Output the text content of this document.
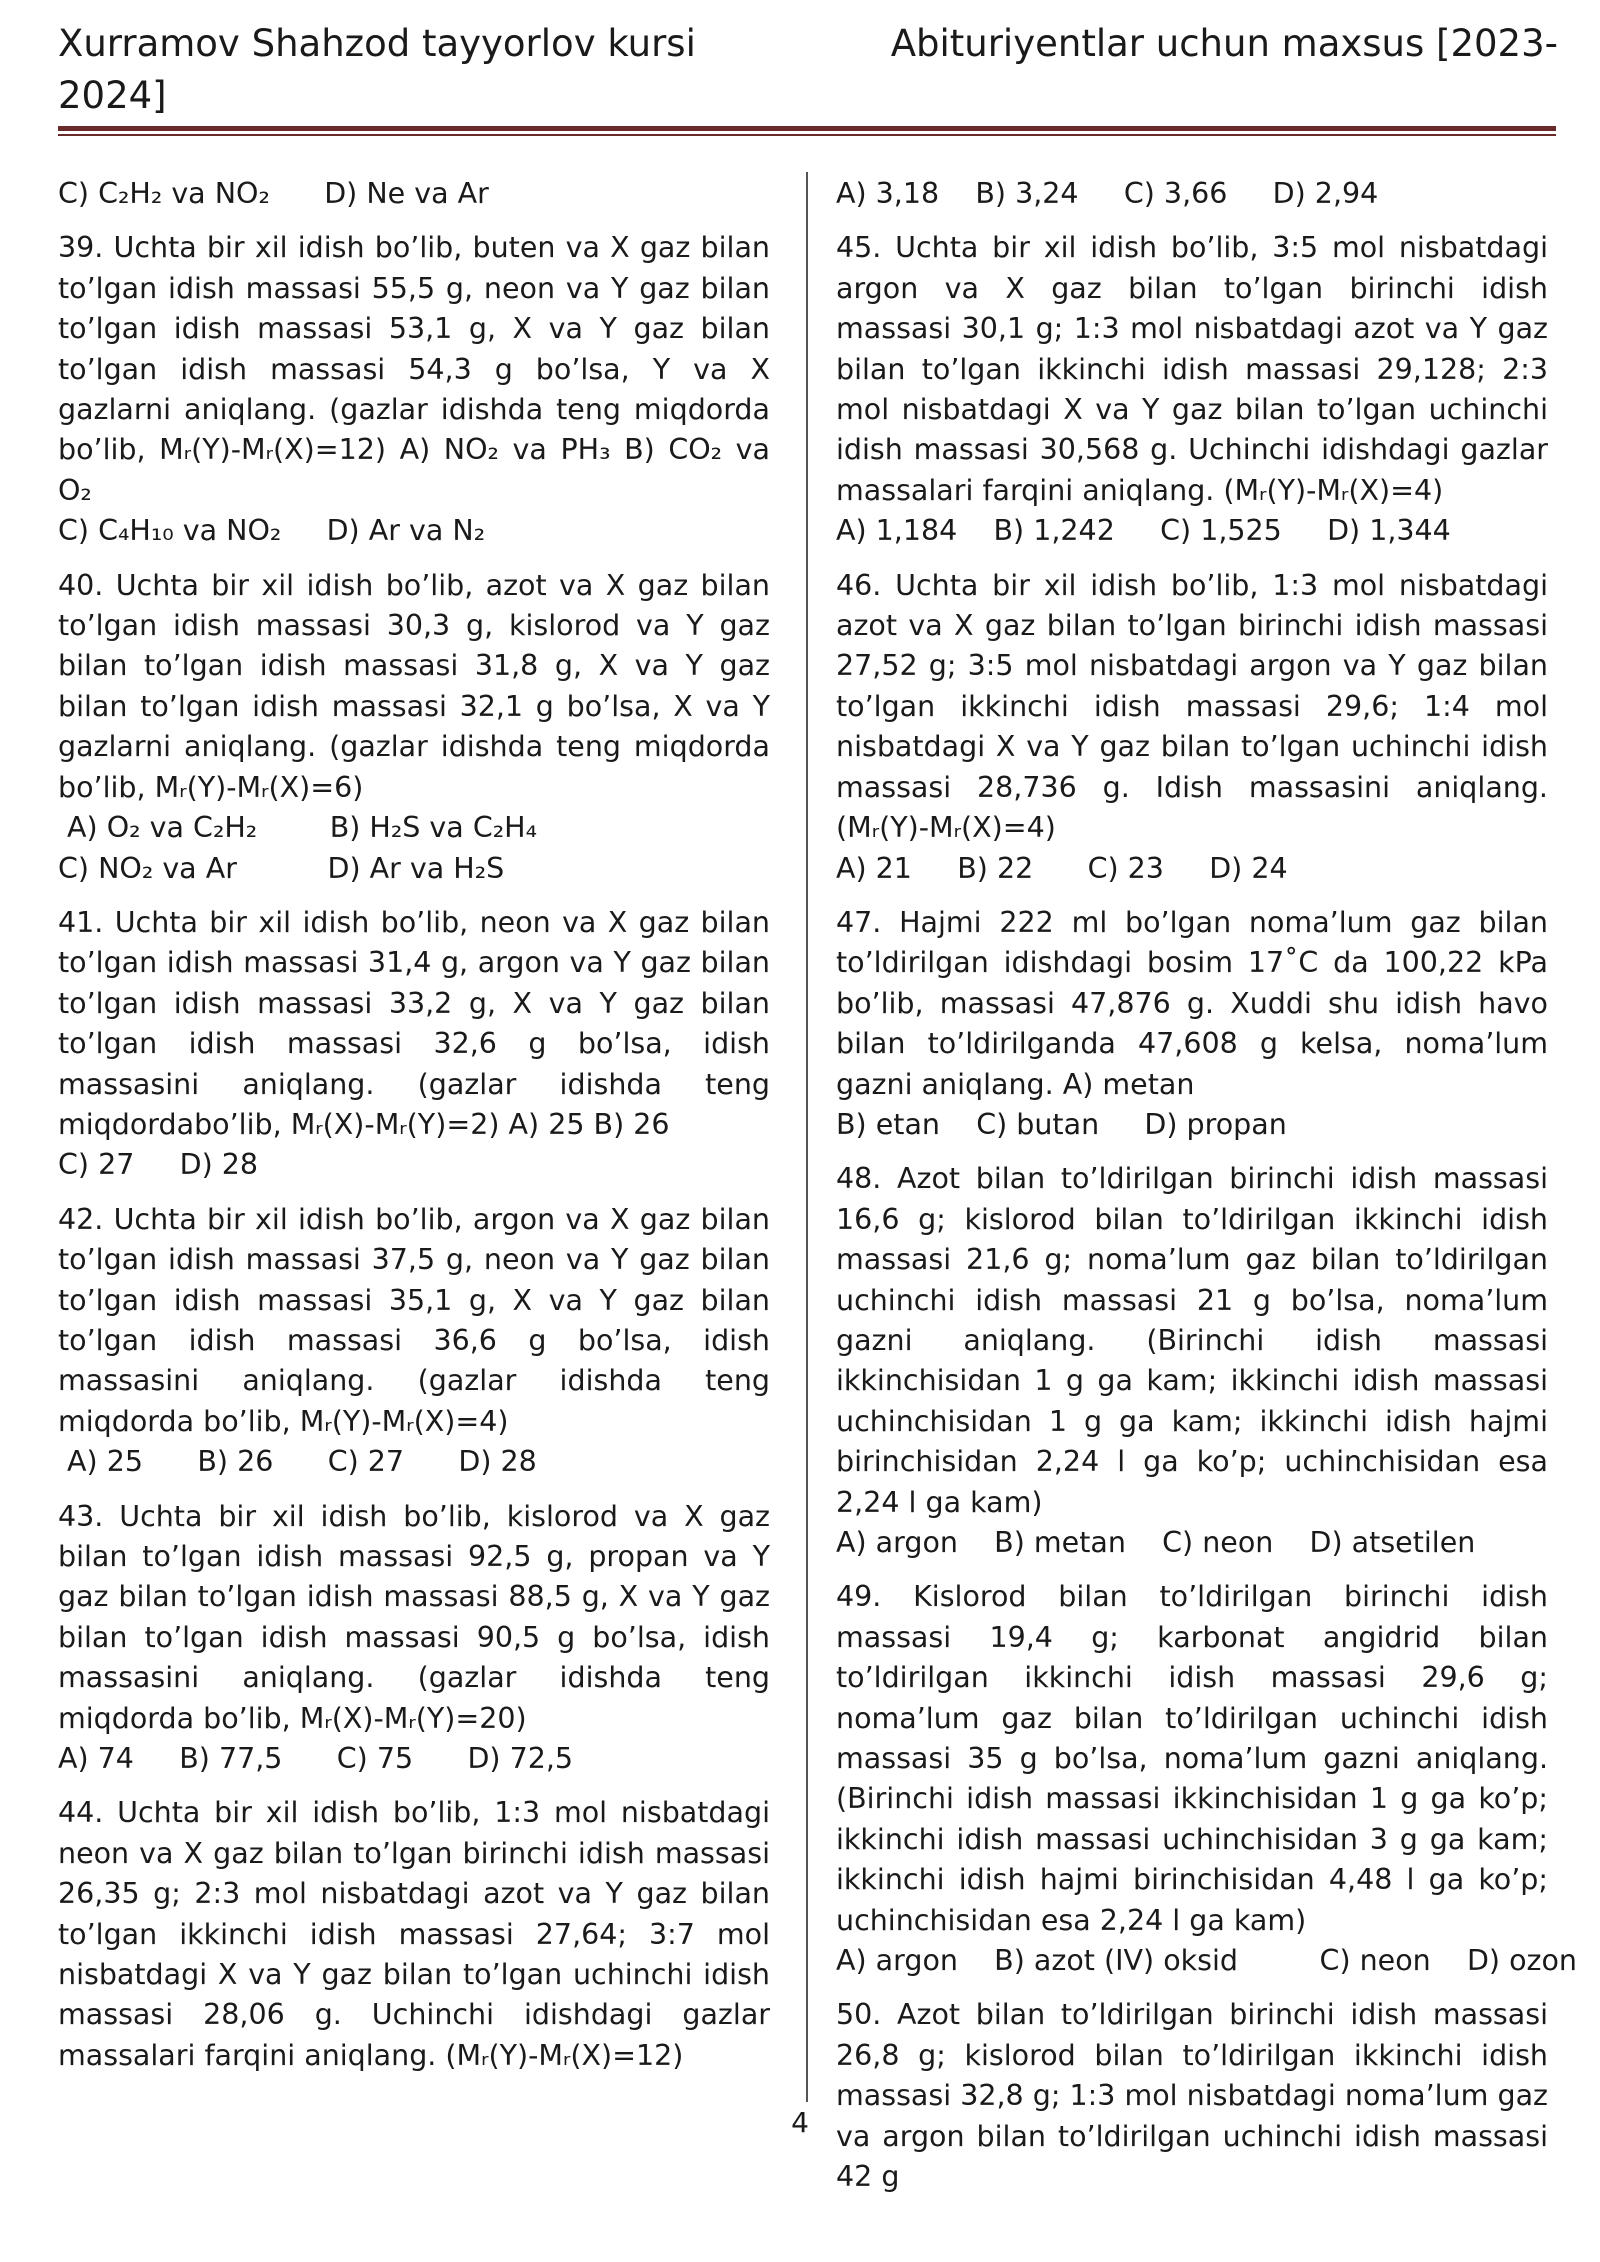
Xurramov Shahzod tayyorlov kursi 2024]
Abituriyentlar uchun maxsus [2023-

C) C₂H₂ va NO₂      D) Ne va Ar

39. Uchta bir xil idish bo’lib, buten va X gaz bilan to’lgan idish massasi 55,5 g, neon va Y gaz bilan to’lgan idish massasi 53,1 g, X va Y gaz bilan to’lgan idish massasi 54,3 g bo’lsa, Y va X gazlarni aniqlang. (gazlar idishda teng miqdorda bo’lib, Mᵣ(Y)-Mᵣ(X)=12) A) NO₂ va PH₃ B) CO₂ va O₂

C) C₄H₁₀ va NO₂     D) Ar va N₂

40. Uchta bir xil idish bo’lib, azot va X gaz bilan to’lgan idish massasi 30,3 g, kislorod va Y gaz bilan to’lgan idish massasi 31,8 g, X va Y gaz bilan to’lgan idish massasi 32,1 g bo’lsa, X va Y gazlarni aniqlang. (gazlar idishda teng miqdorda bo’lib, Mᵣ(Y)-Mᵣ(X)=6)

A) O₂ va C₂H₂        B) H₂S va C₂H₄

C) NO₂ va Ar          D) Ar va H₂S

41. Uchta bir xil idish bo’lib, neon va X gaz bilan to’lgan idish massasi 31,4 g, argon va Y gaz bilan to’lgan idish massasi 33,2 g, X va Y gaz bilan to’lgan idish massasi 32,6 g bo’lsa, idish massasini aniqlang. (gazlar idishda teng miqdordabo’lib, Mᵣ(X)-Mᵣ(Y)=2) A) 25 B) 26

C) 27     D) 28

42. Uchta bir xil idish bo’lib, argon va X gaz bilan to’lgan idish massasi 37,5 g, neon va Y gaz bilan to’lgan idish massasi 35,1 g, X va Y gaz bilan to’lgan idish massasi 36,6 g bo’lsa, idish massasini aniqlang. (gazlar idishda teng miqdorda bo’lib, Mᵣ(Y)-Mᵣ(X)=4)

A) 25      B) 26      C) 27      D) 28

43. Uchta bir xil idish bo’lib, kislorod va X gaz bilan to’lgan idish massasi 92,5 g, propan va Y gaz bilan to’lgan idish massasi 88,5 g, X va Y gaz bilan to’lgan idish massasi 90,5 g bo’lsa, idish massasini aniqlang. (gazlar idishda teng miqdorda bo’lib, Mᵣ(X)-Mᵣ(Y)=20)

A) 74     B) 77,5      C) 75      D) 72,5

44. Uchta bir xil idish bo’lib, 1:3 mol nisbatdagi neon va X gaz bilan to’lgan birinchi idish massasi 26,35 g; 2:3 mol nisbatdagi azot va Y gaz bilan to’lgan ikkinchi idish massasi 27,64; 3:7 mol nisbatdagi X va Y gaz bilan to’lgan uchinchi idish massasi 28,06 g. Uchinchi idishdagi gazlar massalari farqini aniqlang. (Mᵣ(Y)-Mᵣ(X)=12)

A) 3,18    B) 3,24     C) 3,66     D) 2,94

45. Uchta bir xil idish bo’lib, 3:5 mol nisbatdagi argon va X gaz bilan to’lgan birinchi idish massasi 30,1 g; 1:3 mol nisbatdagi azot va Y gaz bilan to’lgan ikkinchi idish massasi 29,128; 2:3 mol nisbatdagi X va Y gaz bilan to’lgan uchinchi idish massasi 30,568 g. Uchinchi idishdagi gazlar massalari farqini aniqlang. (Mᵣ(Y)-Mᵣ(X)=4)

A) 1,184    B) 1,242     C) 1,525     D) 1,344

46. Uchta bir xil idish bo’lib, 1:3 mol nisbatdagi azot va X gaz bilan to’lgan birinchi idish massasi 27,52 g; 3:5 mol nisbatdagi argon va Y gaz bilan to’lgan ikkinchi idish massasi 29,6; 1:4 mol nisbatdagi X va Y gaz bilan to’lgan uchinchi idish massasi 28,736 g. Idish massasini aniqlang. (Mᵣ(Y)-Mᵣ(X)=4)

A) 21     B) 22      C) 23     D) 24

47. Hajmi 222 ml bo’lgan noma’lum gaz bilan to’ldirilgan idishdagi bosim 17˚C da 100,22 kPa bo’lib, massasi 47,876 g. Xuddi shu idish havo bilan to’ldirilganda 47,608 g kelsa, noma’lum gazni aniqlang. A) metan

B) etan    C) butan     D) propan

48. Azot bilan to’ldirilgan birinchi idish massasi 16,6 g; kislorod bilan to’ldirilgan ikkinchi idish massasi 21,6 g; noma’lum gaz bilan to’ldirilgan uchinchi idish massasi 21 g bo’lsa, noma’lum gazni aniqlang. (Birinchi idish massasi ikkinchisidan 1 g ga kam; ikkinchi idish massasi uchinchisidan 1 g ga kam; ikkinchi idish hajmi birinchisidan 2,24 l ga ko’p; uchinchisidan esa 2,24 l ga kam)

A) argon    B) metan    C) neon    D) atsetilen

49. Kislorod bilan to’ldirilgan birinchi idish massasi 19,4 g; karbonat angidrid bilan to’ldirilgan ikkinchi idish massasi 29,6 g; noma’lum gaz bilan to’ldirilgan uchinchi idish massasi 35 g bo’lsa, noma’lum gazni aniqlang. (Birinchi idish massasi ikkinchisidan 1 g ga ko’p; ikkinchi idish massasi uchinchisidan 3 g ga kam; ikkinchi idish hajmi birinchisidan 4,48 l ga ko’p; uchinchisidan esa 2,24 l ga kam)

A) argon    B) azot (IV) oksid         C) neon    D) ozon

50. Azot bilan to’ldirilgan birinchi idish massasi 26,8 g; kislorod bilan to’ldirilgan ikkinchi idish massasi 32,8 g; 1:3 mol nisbatdagi noma’lum gaz va argon bilan to’ldirilgan uchinchi idish massasi 42 g

4
